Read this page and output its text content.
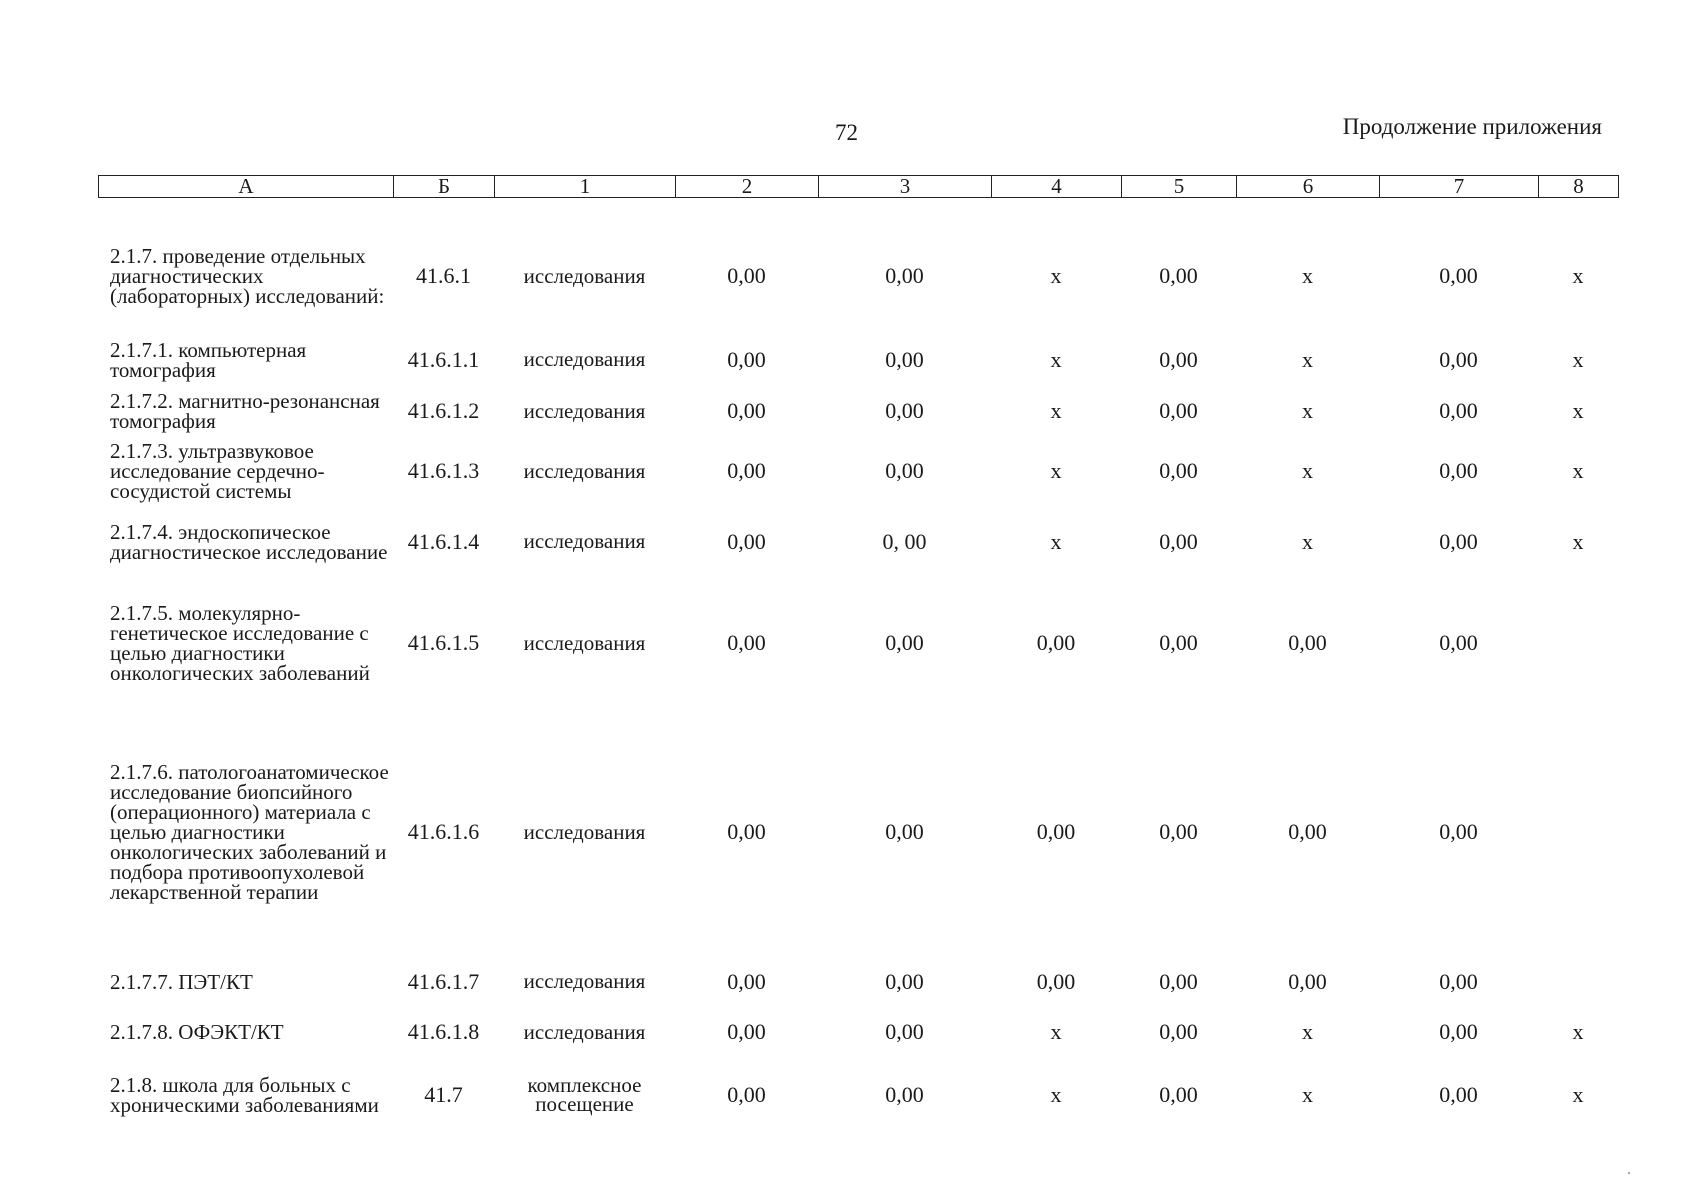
72	Продолжение приложения
А	Б	1	2	3	4	5	6	7	8
2.1.7. проведение отдельных диагностических (лабораторных) исследований:	41.6.1	исследования	0,00	0,00	х	0,00	х	0,00	х
2.1.7.1. компьютерная томография	41.6.1.1	исследования	0,00	0,00	х	0,00	х	0,00	х
2.1.7.2. магнитно-резонансная томография	41.6.1.2	исследования	0,00	0,00	х	0,00	х	0,00	х
2.1.7.3. ультразвуковое исследование сердечно-сосудистой системы	41.6.1.3	исследования	0,00	0,00	х	0,00	х	0,00	х
2.1.7.4. эндоскопическое диагностическое исследование	41.6.1.4	исследования	0,00	0, 00	х	0,00	х	0,00	х
2.1.7.5. молекулярно-генетическое исследование с целью диагностики онкологических заболеваний	41.6.1.5	исследования	0,00	0,00	0,00	0,00	0,00	0,00	
2.1.7.6. патологоанатомическое исследование биопсийного (операционного) материала с целью диагностики онкологических заболеваний и подбора противоопухолевой лекарственной терапии	41.6.1.6	исследования	0,00	0,00	0,00	0,00	0,00	0,00	
2.1.7.7. ПЭТ/КТ	41.6.1.7	исследования	0,00	0,00	0,00	0,00	0,00	0,00	
2.1.7.8. ОФЭКТ/КТ	41.6.1.8	исследования	0,00	0,00	х	0,00	х	0,00	х
2.1.8. школа для больных с хроническими заболеваниями	41.7	комплексное посещение	0,00	0,00	х	0,00	х	0,00	х
